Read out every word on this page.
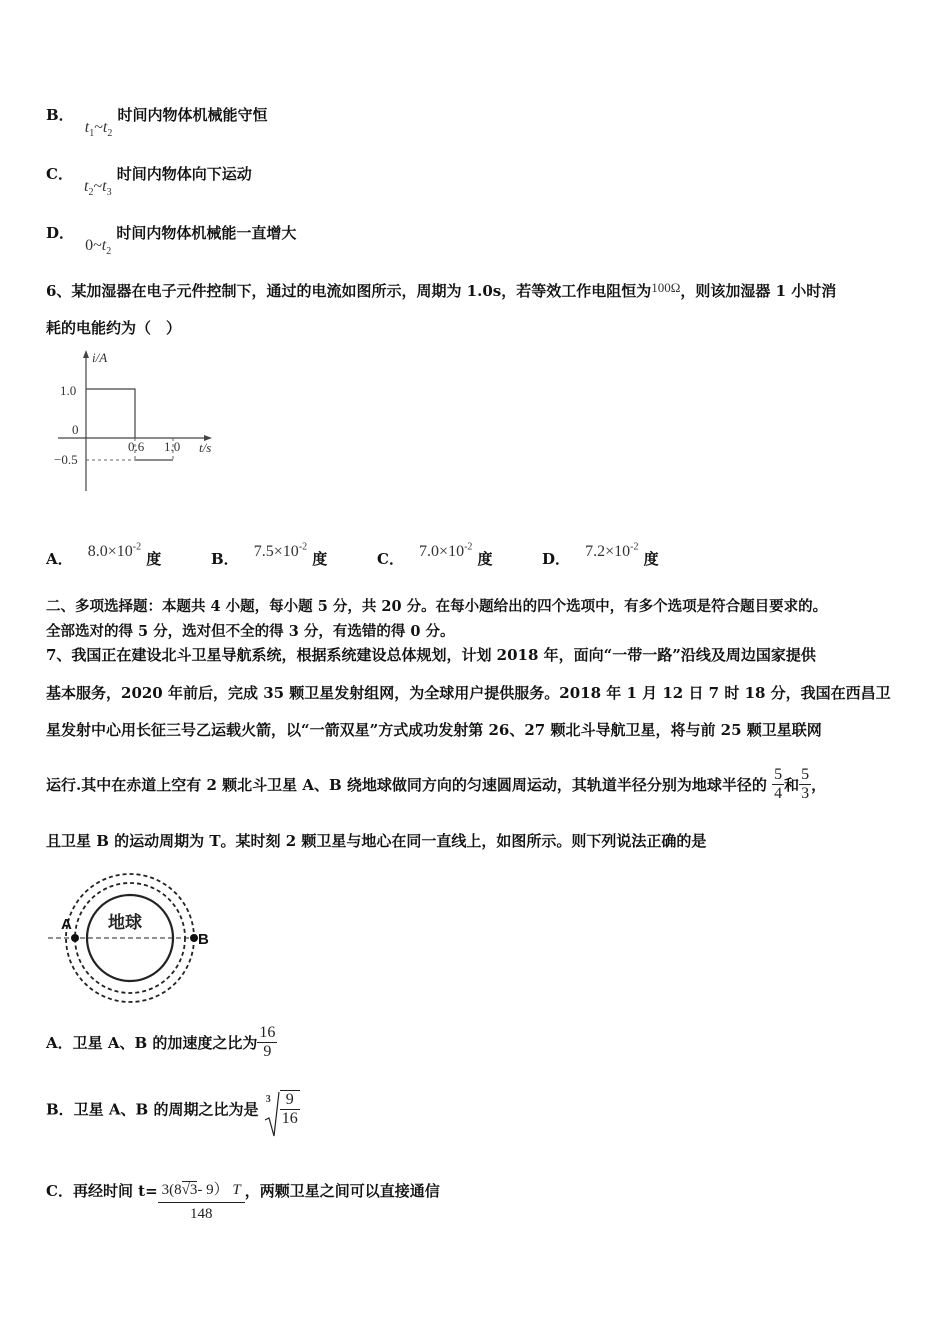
B． $t_1\sim t_2$ 时间内物体机械能守恒
C． $t_2\sim t_3$ 时间内物体向下运动
D． $0\sim t_2$ 时间内物体机械能一直增大
6、某加湿器在电子元件控制下，通过的电流如图所示，周期为 1.0s，若等效工作电阻恒为100Ω，则该加湿器 1 小时消
耗的电能约为（　）
i/A
t/s
1.0
0
−0.5
0.6 1.0
A． $8.0\times 10^{-2}$ 度	B． $7.5\times 10^{-2}$ 度	C． $7.0\times 10^{-2}$ 度	D． $7.2\times 10^{-2}$ 度
二、多项选择题：本题共 4 小题，每小题 5 分，共 20 分。在每小题给出的四个选项中，有多个选项是符合题目要求的。
全部选对的得 5 分，选对但不全的得 3 分，有选错的得 0 分。
7、我国正在建设北斗卫星导航系统，根据系统建设总体规划，计划 2018 年，面向“一带一路”沿线及周边国家提供
基本服务，2020 年前后，完成 35 颗卫星发射组网，为全球用户提供服务。2018 年 1 月 12 日 7 时 18 分，我国在西昌卫
星发射中心用长征三号乙运载火箭，以“一箭双星”方式成功发射第 26、27 颗北斗导航卫星，将与前 25 颗卫星联网
运行.其中在赤道上空有 2 颗北斗卫星 A、B 绕地球做同方向的匀速圆周运动，其轨道半径分别为地球半径的 $\frac{5}{4}$ 和 $\frac{5}{3}$ ，
且卫星 B 的运动周期为 T。某时刻 2 颗卫星与地心在同一直线上，如图所示。则下列说法正确的是
地球
A
B
A．卫星 A、B 的加速度之比为 $\frac{16}{9}$
B．卫星 A、B 的周期之比为是
$3 \frac{9}{16}$
C．再经时间 $t= \frac{3(8√3- 9) T}{148}$ ，两颗卫星之间可以直接通信
